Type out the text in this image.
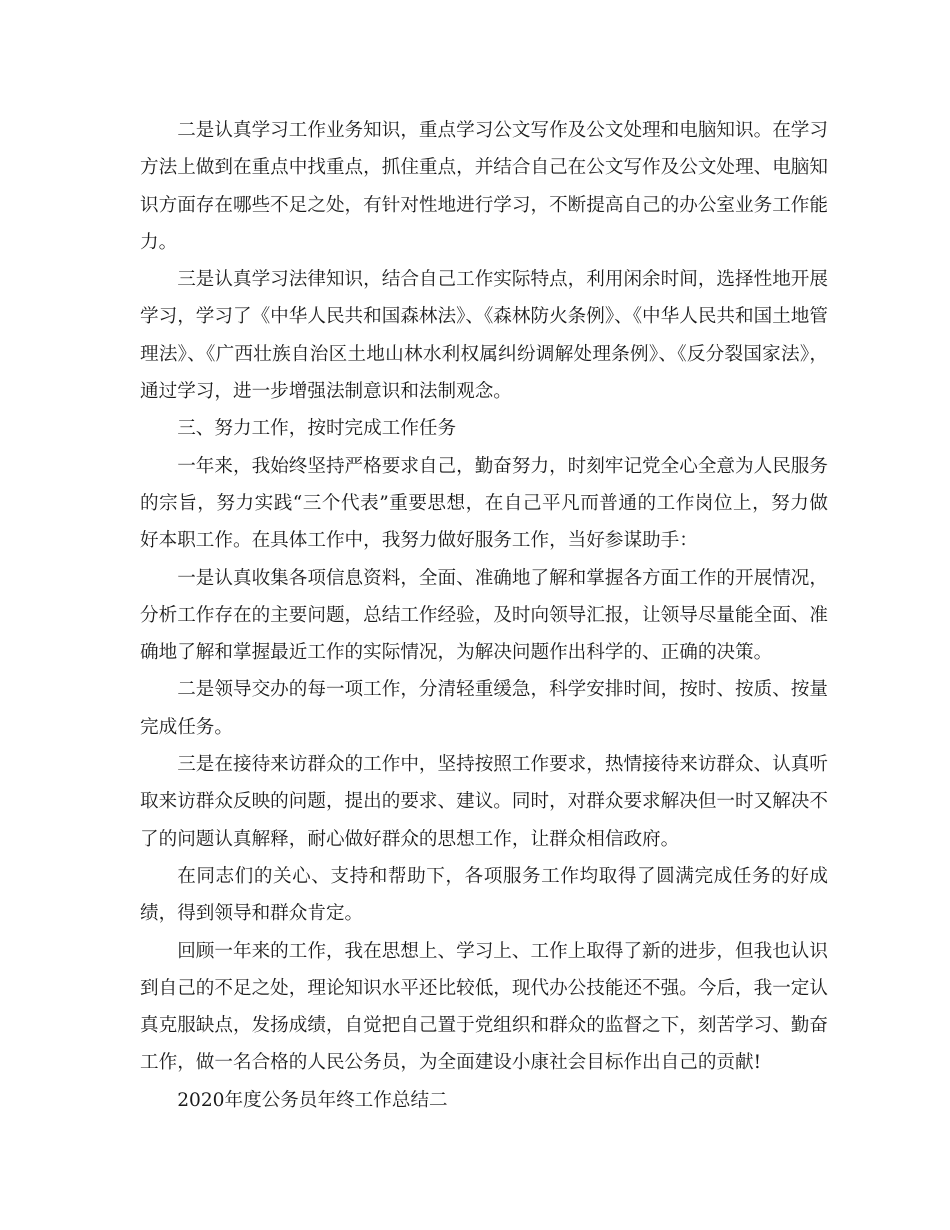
二是认真学习工作业务知识，重点学习公文写作及公文处理和电脑知识。在学习方法上做到在重点中找重点，抓住重点，并结合自己在公文写作及公文处理、电脑知识方面存在哪些不足之处，有针对性地进行学习，不断提高自己的办公室业务工作能力。

三是认真学习法律知识，结合自己工作实际特点，利用闲余时间，选择性地开展学习，学习了《中华人民共和国森林法》、《森林防火条例》、《中华人民共和国土地管理法》、《广西壮族自治区土地山林水利权属纠纷调解处理条例》、《反分裂国家法》，通过学习，进一步增强法制意识和法制观念。

三、努力工作，按时完成工作任务

一年来，我始终坚持严格要求自己，勤奋努力，时刻牢记党全心全意为人民服务的宗旨，努力实践“三个代表”重要思想，在自己平凡而普通的工作岗位上，努力做好本职工作。在具体工作中，我努力做好服务工作，当好参谋助手：

一是认真收集各项信息资料，全面、准确地了解和掌握各方面工作的开展情况，分析工作存在的主要问题，总结工作经验，及时向领导汇报，让领导尽量能全面、准确地了解和掌握最近工作的实际情况，为解决问题作出科学的、正确的决策。

二是领导交办的每一项工作，分清轻重缓急，科学安排时间，按时、按质、按量完成任务。

三是在接待来访群众的工作中，坚持按照工作要求，热情接待来访群众、认真听取来访群众反映的问题，提出的要求、建议。同时，对群众要求解决但一时又解决不了的问题认真解释，耐心做好群众的思想工作，让群众相信政府。

在同志们的关心、支持和帮助下，各项服务工作均取得了圆满完成任务的好成绩，得到领导和群众肯定。

回顾一年来的工作，我在思想上、学习上、工作上取得了新的进步，但我也认识到自己的不足之处，理论知识水平还比较低，现代办公技能还不强。今后，我一定认真克服缺点，发扬成绩，自觉把自己置于党组织和群众的监督之下，刻苦学习、勤奋工作，做一名合格的人民公务员，为全面建设小康社会目标作出自己的贡献!

2020年度公务员年终工作总结二
